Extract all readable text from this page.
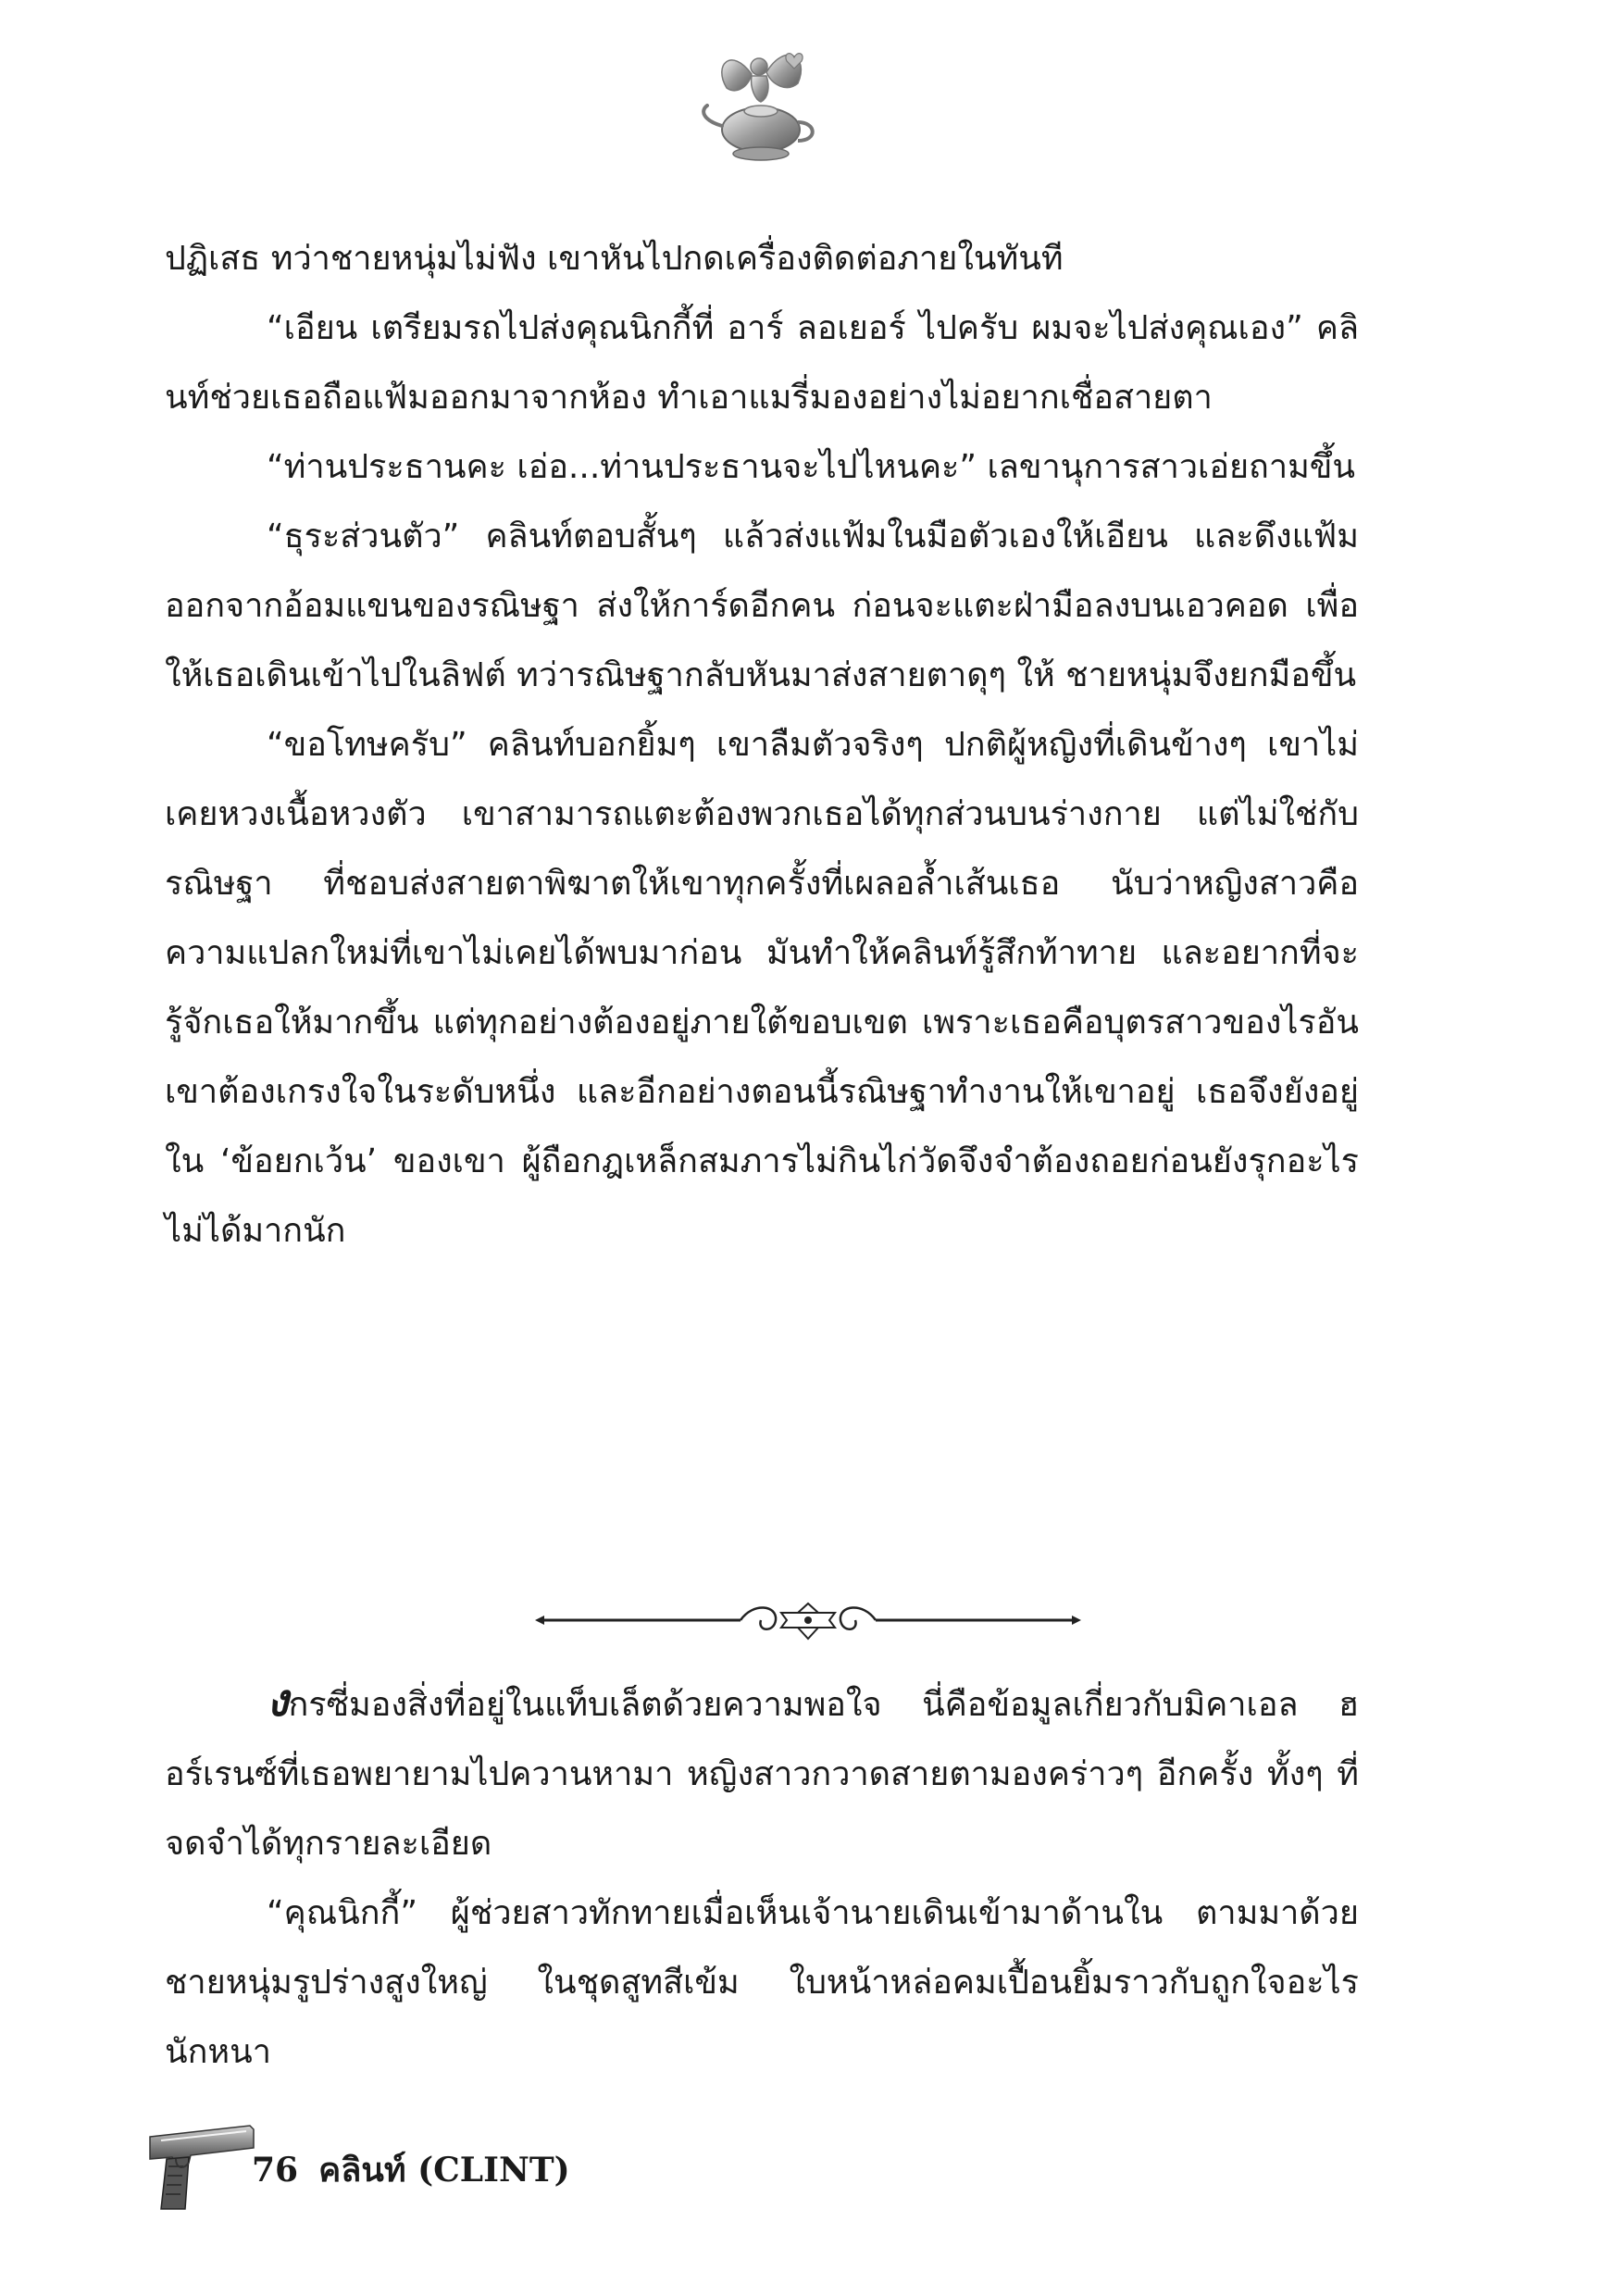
ปฏิเสธ ทว่าชายหนุ่มไม่ฟัง เขาหันไปกดเครื่องติดต่อภายในทันที

“เอียน เตรียมรถไปส่งคุณนิกกี้ที่ อาร์ ลอเยอร์ ไปครับ ผมจะไปส่งคุณเอง” คลินท์ช่วยเธอถือแฟ้มออกมาจากห้อง ทำเอาแมรี่มองอย่างไม่อยากเชื่อสายตา

“ท่านประธานคะ เอ่อ...ท่านประธานจะไปไหนคะ” เลขานุการสาวเอ่ยถามขึ้น

“ธุระส่วนตัว” คลินท์ตอบสั้นๆ แล้วส่งแฟ้มในมือตัวเองให้เอียน และดึงแฟ้มออกจากอ้อมแขนของรณิษฐา ส่งให้การ์ดอีกคน ก่อนจะแตะฝ่ามือลงบนเอวคอด เพื่อให้เธอเดินเข้าไปในลิฟต์ ทว่ารณิษฐากลับหันมาส่งสายตาดุๆ ให้ ชายหนุ่มจึงยกมือขึ้น

“ขอโทษครับ” คลินท์บอกยิ้มๆ เขาลืมตัวจริงๆ ปกติผู้หญิงที่เดินข้างๆ เขาไม่เคยหวงเนื้อหวงตัว เขาสามารถแตะต้องพวกเธอได้ทุกส่วนบนร่างกาย แต่ไม่ใช่กับรณิษฐา ที่ชอบส่งสายตาพิฆาตให้เขาทุกครั้งที่เผลอล้ำเส้นเธอ นับว่าหญิงสาวคือความแปลกใหม่ที่เขาไม่เคยได้พบมาก่อน มันทำให้คลินท์รู้สึกท้าทาย และอยากที่จะรู้จักเธอให้มากขึ้น แต่ทุกอย่างต้องอยู่ภายใต้ขอบเขต เพราะเธอคือบุตรสาวของไรอัน เขาต้องเกรงใจในระดับหนึ่ง และอีกอย่างตอนนี้รณิษฐาทำงานให้เขาอยู่ เธอจึงยังอยู่ใน ‘ข้อยกเว้น’ ของเขา ผู้ถือกฎเหล็กสมภารไม่กินไก่วัดจึงจำต้องถอยก่อนยังรุกอะไรไม่ได้มากนัก

งกรซี่มองสิ่งที่อยู่ในแท็บเล็ตด้วยความพอใจ นี่คือข้อมูลเกี่ยวกับมิคาเอล ฮอร์เรนซ์ที่เธอพยายามไปควานหามา หญิงสาวกวาดสายตามองคร่าวๆ อีกครั้ง ทั้งๆ ที่จดจำได้ทุกรายละเอียด

“คุณนิกกี้” ผู้ช่วยสาวทักทายเมื่อเห็นเจ้านายเดินเข้ามาด้านใน ตามมาด้วยชายหนุ่มรูปร่างสูงใหญ่ ในชุดสูทสีเข้ม ใบหน้าหล่อคมเปื้อนยิ้มราวกับถูกใจอะไรนักหนา

76 คลินท์ (CLINT)
